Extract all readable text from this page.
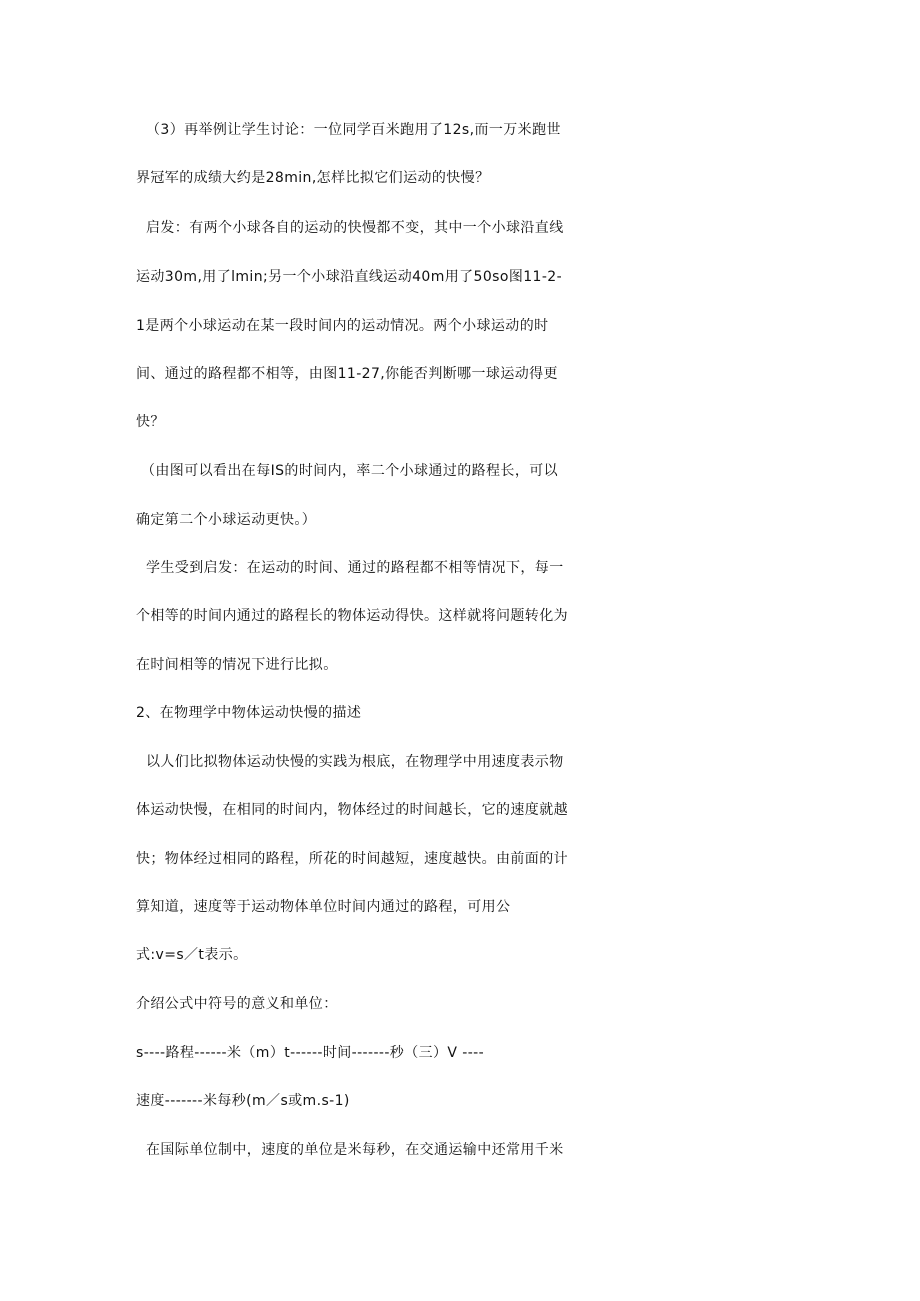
（3）再举例让学生讨论：一位同学百米跑用了12s,而一万米跑世
界冠军的成绩大约是28min,怎样比拟它们运动的快慢？
启发：有两个小球各自的运动的快慢都不变，其中一个小球沿直线
运动30m,用了lmin;另一个小球沿直线运动40m用了50so图11-2-
1是两个小球运动在某一段时间内的运动情况。两个小球运动的时
间、通过的路程都不相等，由图11-27,你能否判断哪一球运动得更
快？
（由图可以看出在每IS的时间内，率二个小球通过的路程长，可以
确定第二个小球运动更快。）
学生受到启发：在运动的时间、通过的路程都不相等情况下，每一
个相等的时间内通过的路程长的物体运动得快。这样就将问题转化为
在时间相等的情况下进行比拟。
2、在物理学中物体运动快慢的描述
以人们比拟物体运动快慢的实践为根底，在物理学中用速度表示物
体运动快慢，在相同的时间内，物体经过的时间越长，它的速度就越
快；物体经过相同的路程，所花的时间越短，速度越快。由前面的计
算知道，速度等于运动物体单位时间内通过的路程，可用公
式:v=s／t表示。
介绍公式中符号的意义和单位：
s----路程------米（m）t------时间-------秒（三）V ----
速度-------米每秒(m／s或m.s-1)
在国际单位制中，速度的单位是米每秒，在交通运输中还常用千米
